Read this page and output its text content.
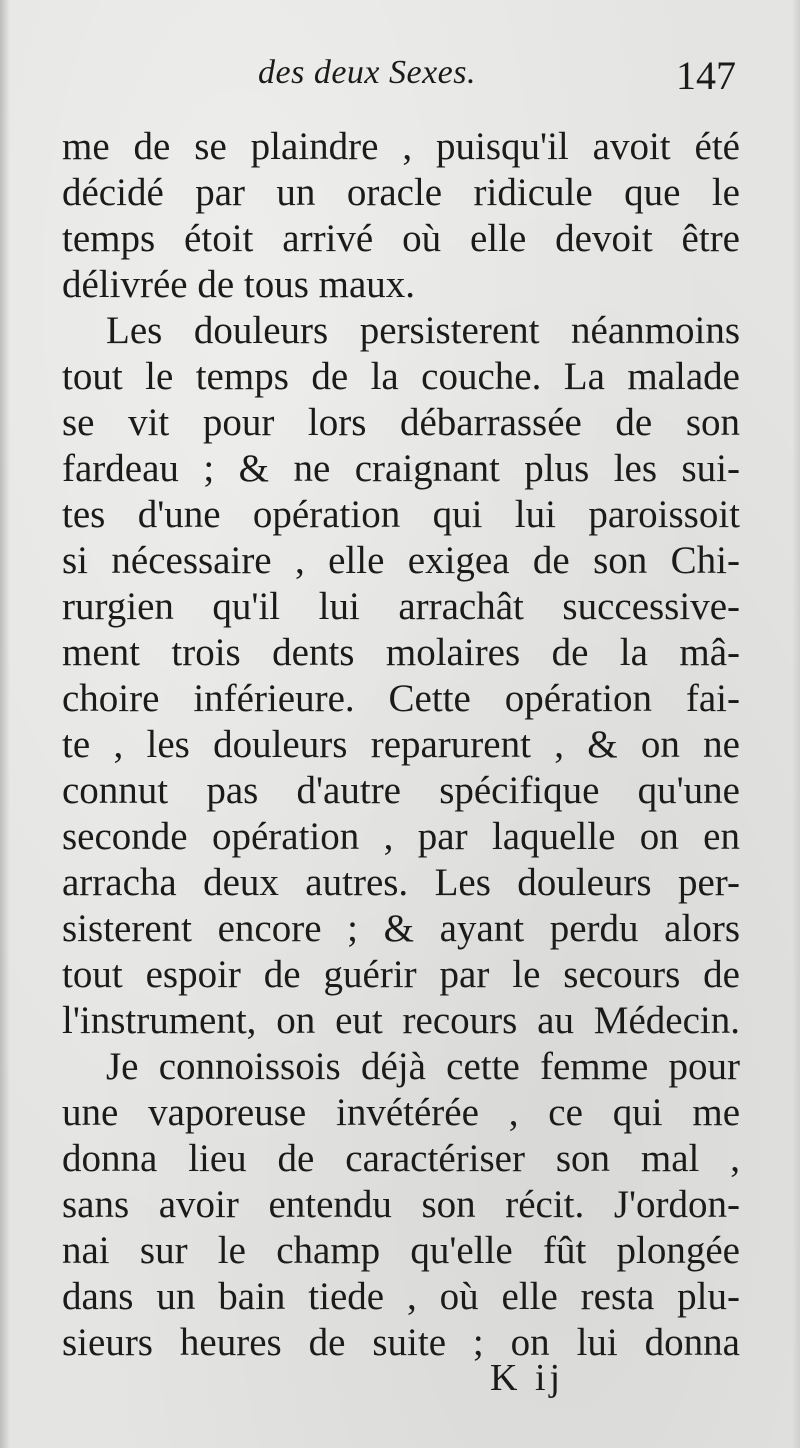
des deux Sexes.	147
me de se plaindre , puisqu'il avoit été
décidé par un oracle ridicule que le
temps étoit arrivé où elle devoit être
délivrée de tous maux.
Les douleurs persisterent néanmoins
tout le temps de la couche. La malade
se vit pour lors débarrassée de son
fardeau ; & ne craignant plus les sui-
tes d'une opération qui lui paroissoit
si nécessaire , elle exigea de son Chi-
rurgien qu'il lui arrachât successive-
ment trois dents molaires de la mâ-
choire inférieure. Cette opération fai-
te , les douleurs reparurent , & on ne
connut pas d'autre spécifique qu'une
seconde opération , par laquelle on en
arracha deux autres. Les douleurs per-
sisterent encore ; & ayant perdu alors
tout espoir de guérir par le secours de
l'instrument, on eut recours au Médecin.
Je connoissois déjà cette femme pour
une vaporeuse invétérée , ce qui me
donna lieu de caractériser son mal ,
sans avoir entendu son récit. J'ordon-
nai sur le champ qu'elle fût plongée
dans un bain tiede , où elle resta plu-
sieurs heures de suite ; on lui donna
K ij
